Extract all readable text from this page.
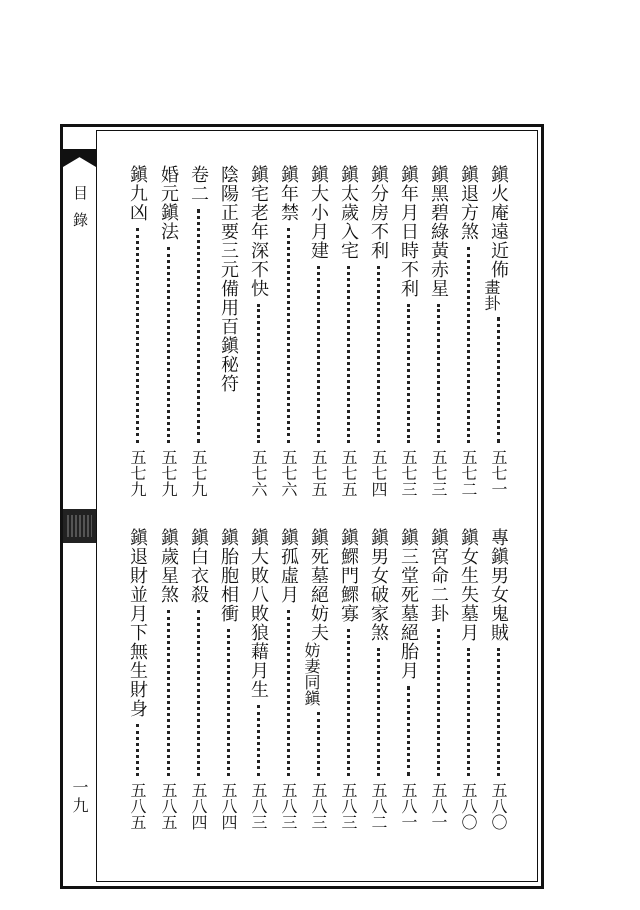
目錄
一九
鎭火庵遠近佈
畫卦
五七一
鎭退方煞
五七二
鎭黑碧綠黃赤星
五七三
鎭年月日時不利
五七三
鎭分房不利
五七四
鎭太歲入宅
五七五
鎭大小月建
五七五
鎭年禁
五七六
鎭宅老年深不快
五七六
陰陽正要三元備用百鎭秘符
卷二
五七九
婚元鎭法
五七九
鎭九凶
五七九
專鎭男女鬼賊
五八〇
鎭女生失墓月
五八〇
鎭宮命二卦
五八一
鎭三堂死墓絕胎月
五八一
鎭男女破家煞
五八二
鎭鰥門鰥寡
五八三
鎭死墓絕妨夫
妨妻同鎭
五八三
鎭孤虛月
五八三
鎭大敗八敗狼藉月生
五八三
鎭胎胞相衝
五八四
鎭白衣殺
五八四
鎭歲星煞
五八五
鎭退財並月下無生財身
五八五
